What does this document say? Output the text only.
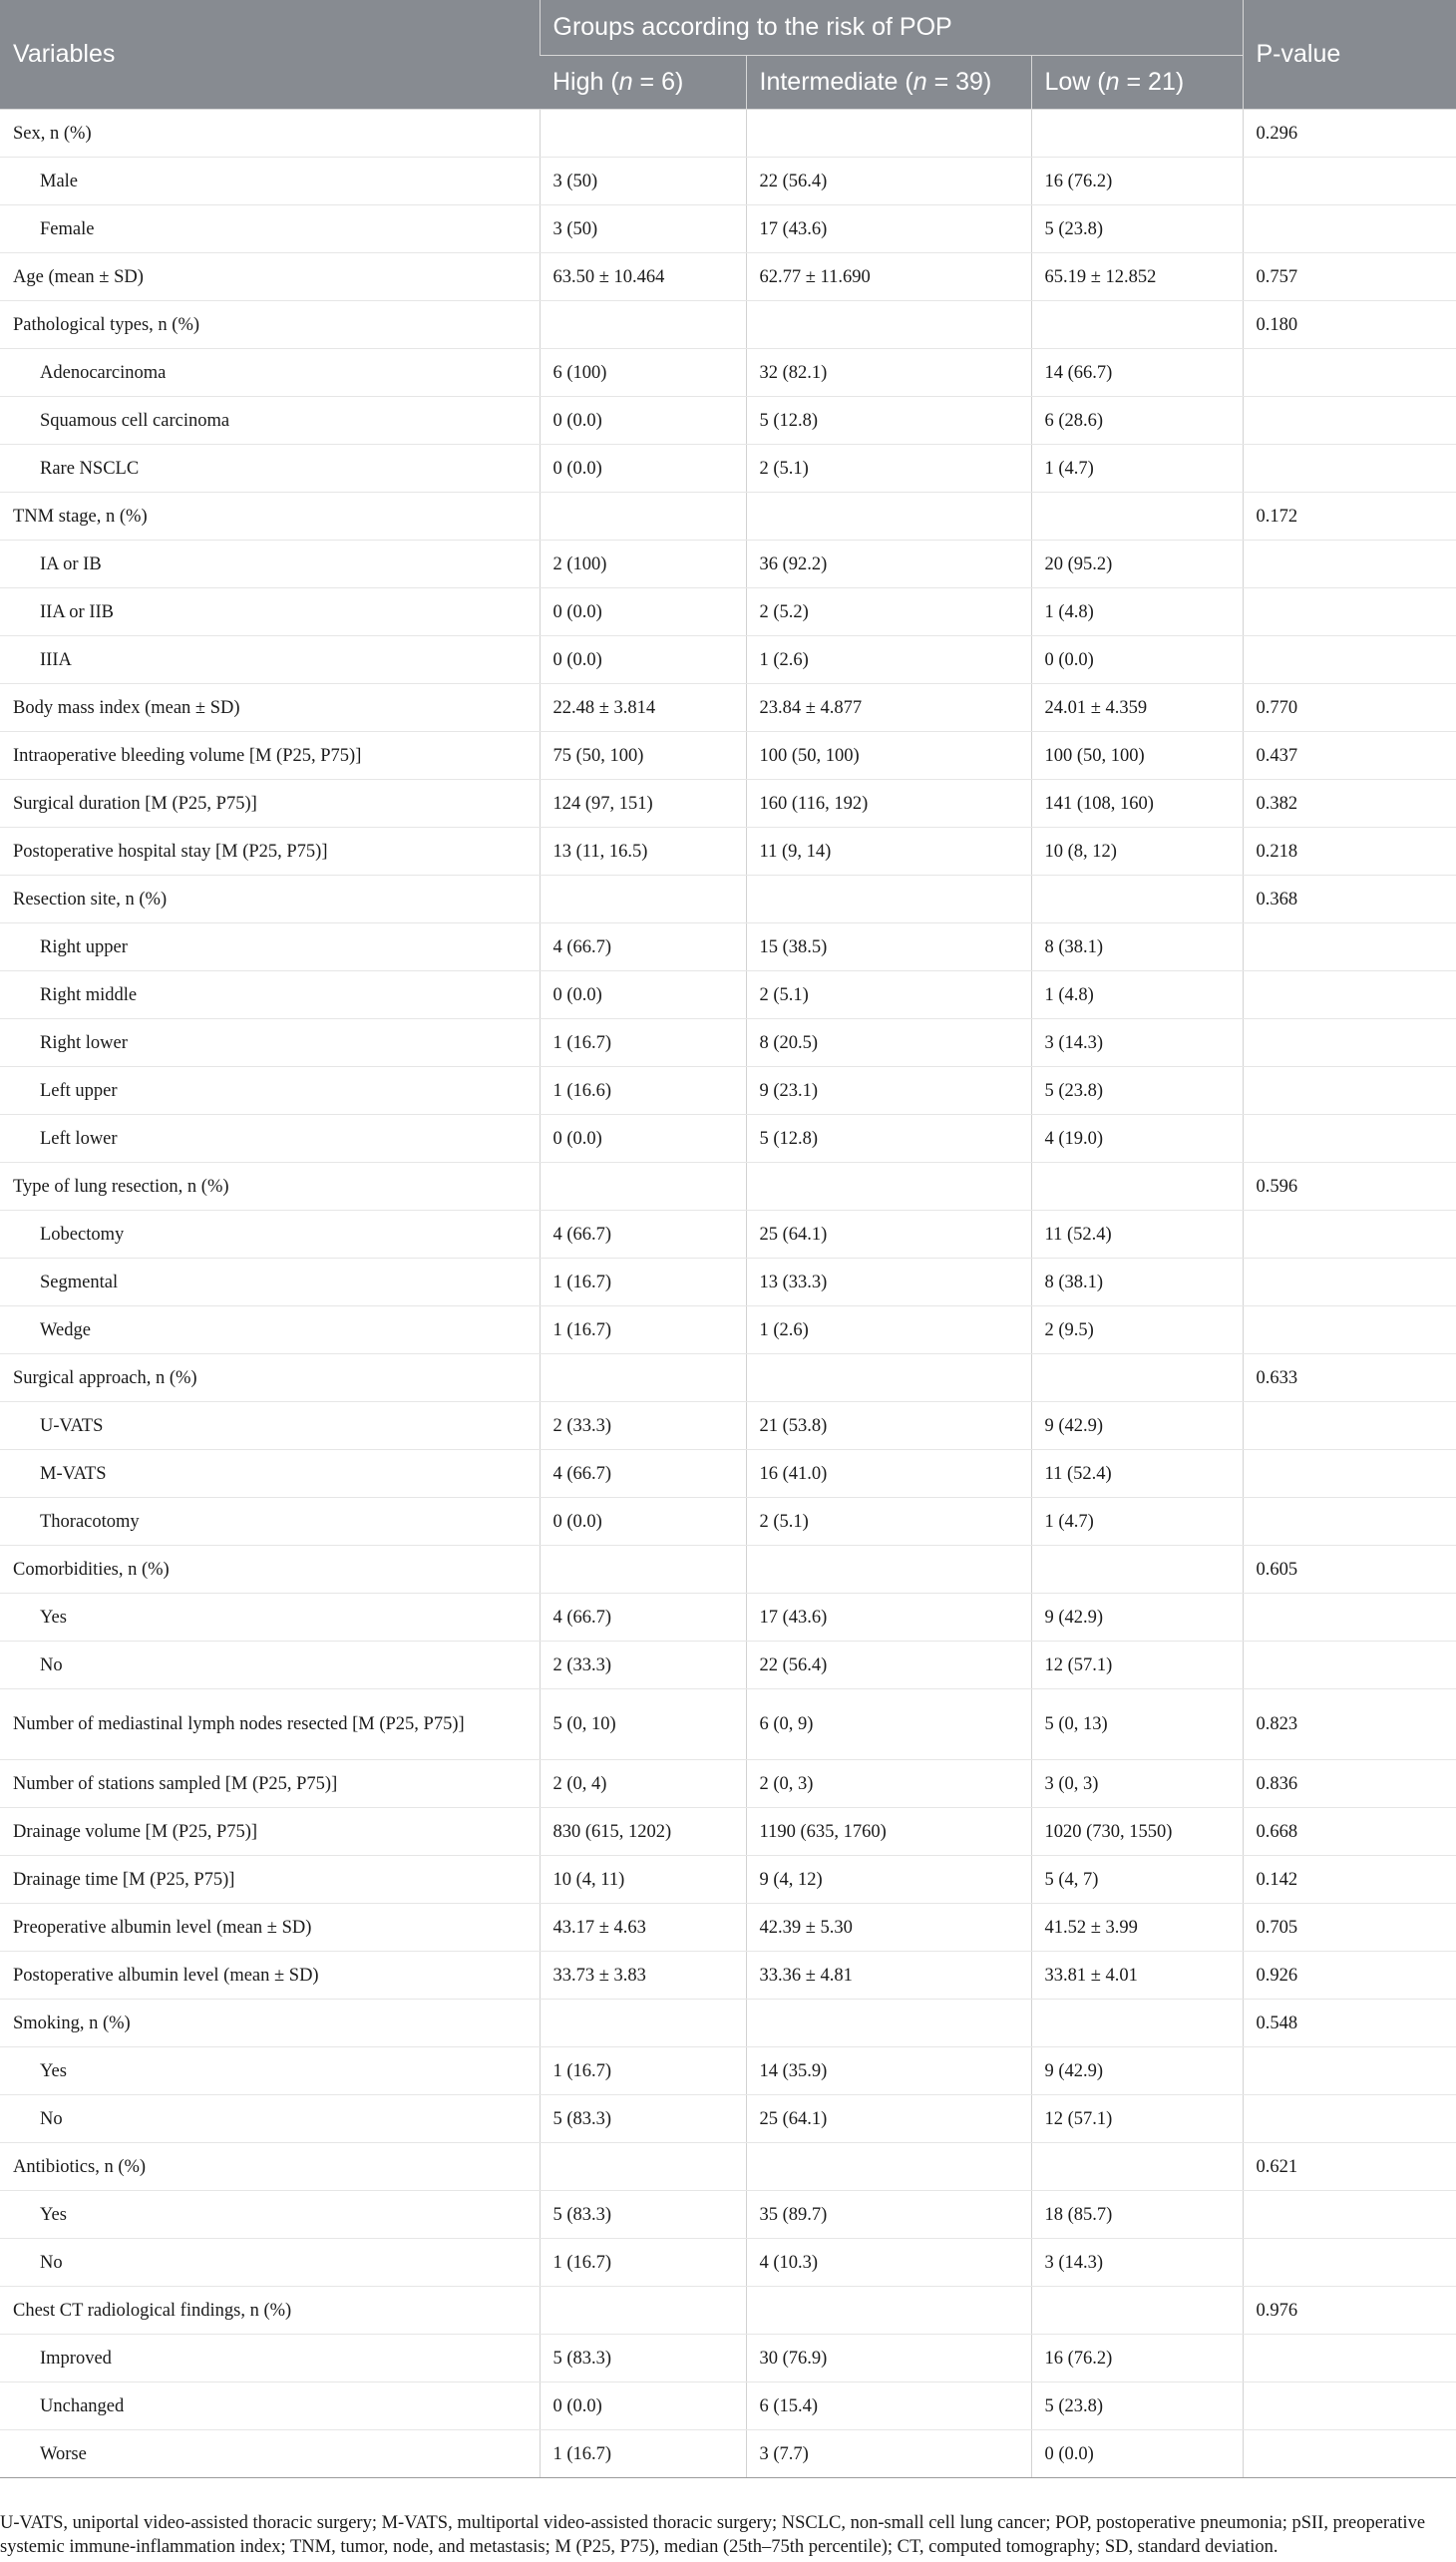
Variables	Groups according to the risk of POP			P-value
	High (n = 6)	Intermediate (n = 39)	Low (n = 21)	
Sex, n (%)				0.296
Male	3 (50)	22 (56.4)	16 (76.2)	
Female	3 (50)	17 (43.6)	5 (23.8)	
Age (mean ± SD)	63.50 ± 10.464	62.77 ± 11.690	65.19 ± 12.852	0.757
Pathological types, n (%)				0.180
Adenocarcinoma	6 (100)	32 (82.1)	14 (66.7)	
Squamous cell carcinoma	0 (0.0)	5 (12.8)	6 (28.6)	
Rare NSCLC	0 (0.0)	2 (5.1)	1 (4.7)	
TNM stage, n (%)				0.172
IA or IB	2 (100)	36 (92.2)	20 (95.2)	
IIA or IIB	0 (0.0)	2 (5.2)	1 (4.8)	
IIIA	0 (0.0)	1 (2.6)	0 (0.0)	
Body mass index (mean ± SD)	22.48 ± 3.814	23.84 ± 4.877	24.01 ± 4.359	0.770
Intraoperative bleeding volume [M (P25, P75)]	75 (50, 100)	100 (50, 100)	100 (50, 100)	0.437
Surgical duration [M (P25, P75)]	124 (97, 151)	160 (116, 192)	141 (108, 160)	0.382
Postoperative hospital stay [M (P25, P75)]	13 (11, 16.5)	11 (9, 14)	10 (8, 12)	0.218
Resection site, n (%)				0.368
Right upper	4 (66.7)	15 (38.5)	8 (38.1)	
Right middle	0 (0.0)	2 (5.1)	1 (4.8)	
Right lower	1 (16.7)	8 (20.5)	3 (14.3)	
Left upper	1 (16.6)	9 (23.1)	5 (23.8)	
Left lower	0 (0.0)	5 (12.8)	4 (19.0)	
Type of lung resection, n (%)				0.596
Lobectomy	4 (66.7)	25 (64.1)	11 (52.4)	
Segmental	1 (16.7)	13 (33.3)	8 (38.1)	
Wedge	1 (16.7)	1 (2.6)	2 (9.5)	
Surgical approach, n (%)				0.633
U-VATS	2 (33.3)	21 (53.8)	9 (42.9)	
M-VATS	4 (66.7)	16 (41.0)	11 (52.4)	
Thoracotomy	0 (0.0)	2 (5.1)	1 (4.7)	
Comorbidities, n (%)				0.605
Yes	4 (66.7)	17 (43.6)	9 (42.9)	
No	2 (33.3)	22 (56.4)	12 (57.1)	
Number of mediastinal lymph nodes resected [M (P25, P75)]	5 (0, 10)	6 (0, 9)	5 (0, 13)	0.823
Number of stations sampled [M (P25, P75)]	2 (0, 4)	2 (0, 3)	3 (0, 3)	0.836
Drainage volume [M (P25, P75)]	830 (615, 1202)	1190 (635, 1760)	1020 (730, 1550)	0.668
Drainage time [M (P25, P75)]	10 (4, 11)	9 (4, 12)	5 (4, 7)	0.142
Preoperative albumin level (mean ± SD)	43.17 ± 4.63	42.39 ± 5.30	41.52 ± 3.99	0.705
Postoperative albumin level (mean ± SD)	33.73 ± 3.83	33.36 ± 4.81	33.81 ± 4.01	0.926
Smoking, n (%)				0.548
Yes	1 (16.7)	14 (35.9)	9 (42.9)	
No	5 (83.3)	25 (64.1)	12 (57.1)	
Antibiotics, n (%)				0.621
Yes	5 (83.3)	35 (89.7)	18 (85.7)	
No	1 (16.7)	4 (10.3)	3 (14.3)	
Chest CT radiological findings, n (%)				0.976
Improved	5 (83.3)	30 (76.9)	16 (76.2)	
Unchanged	0 (0.0)	6 (15.4)	5 (23.8)	
Worse	1 (16.7)	3 (7.7)	0 (0.0)	

U-VATS, uniportal video-assisted thoracic surgery; M-VATS, multiportal video-assisted thoracic surgery; NSCLC, non-small cell lung cancer; POP, postoperative pneumonia; pSII, preoperative systemic immune-inflammation index; TNM, tumor, node, and metastasis; M (P25, P75), median (25th–75th percentile); CT, computed tomography; SD, standard deviation.
